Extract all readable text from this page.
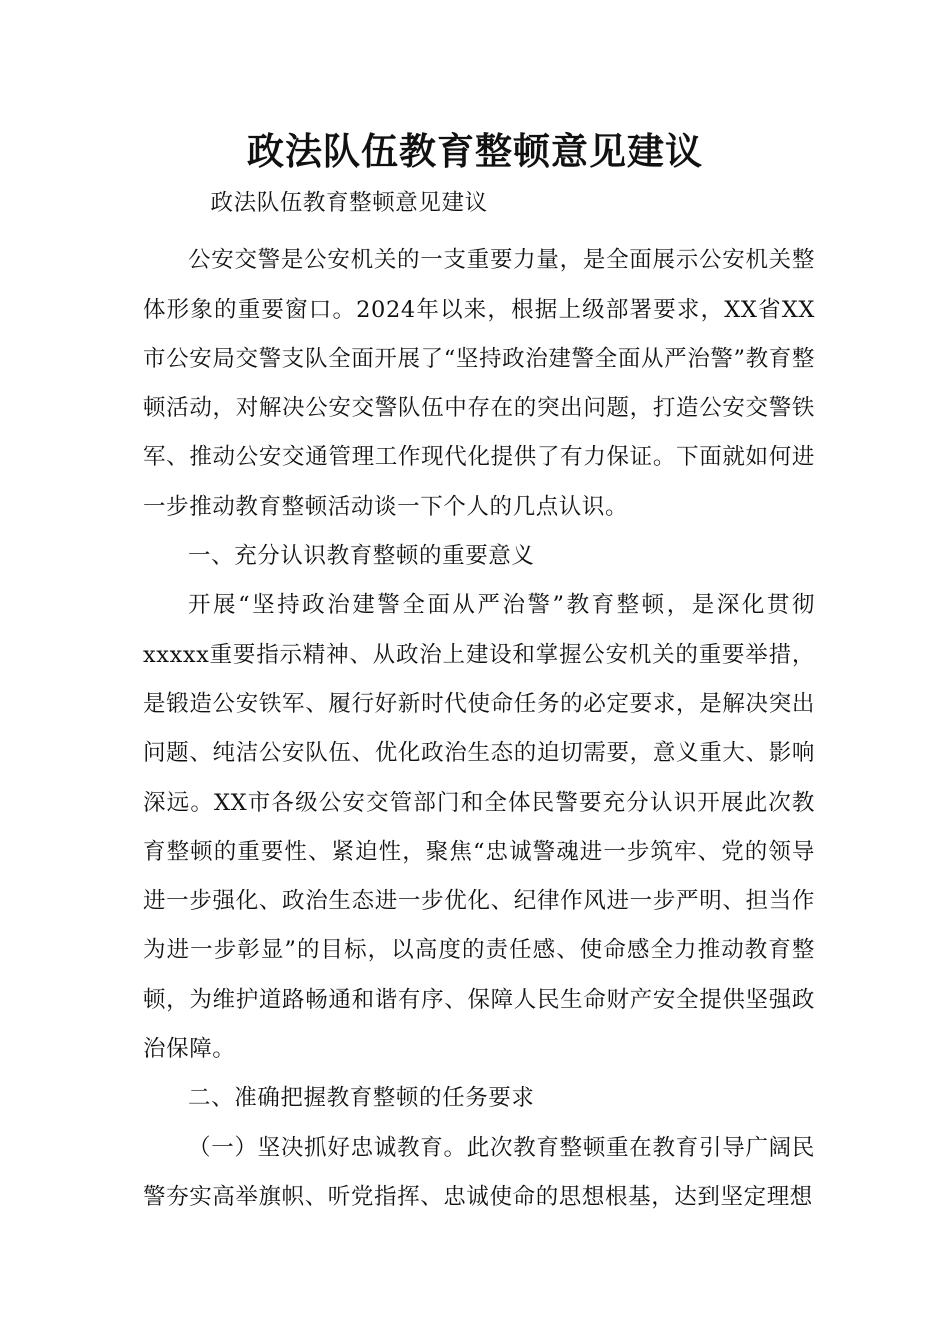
政法队伍教育整顿意见建议

政法队伍教育整顿意见建议

公安交警是公安机关的一支重要力量，是全面展示公安机关整体形象的重要窗口。2024年以来，根据上级部署要求，XX省XX市公安局交警支队全面开展了“坚持政治建警全面从严治警”教育整顿活动，对解决公安交警队伍中存在的突出问题，打造公安交警铁军、推动公安交通管理工作现代化提供了有力保证。下面就如何进一步推动教育整顿活动谈一下个人的几点认识。

一、充分认识教育整顿的重要意义

开展“坚持政治建警全面从严治警”教育整顿，是深化贯彻xxxxx重要指示精神、从政治上建设和掌握公安机关的重要举措，是锻造公安铁军、履行好新时代使命任务的必定要求，是解决突出问题、纯洁公安队伍、优化政治生态的迫切需要，意义重大、影响深远。XX市各级公安交管部门和全体民警要充分认识开展此次教育整顿的重要性、紧迫性，聚焦“忠诚警魂进一步筑牢、党的领导进一步强化、政治生态进一步优化、纪律作风进一步严明、担当作为进一步彰显”的目标，以高度的责任感、使命感全力推动教育整顿，为维护道路畅通和谐有序、保障人民生命财产安全提供坚强政治保障。

二、准确把握教育整顿的任务要求

（一）坚决抓好忠诚教育。此次教育整顿重在教育引导广阔民警夯实高举旗帜、听党指挥、忠诚使命的思想根基，达到坚定理想
